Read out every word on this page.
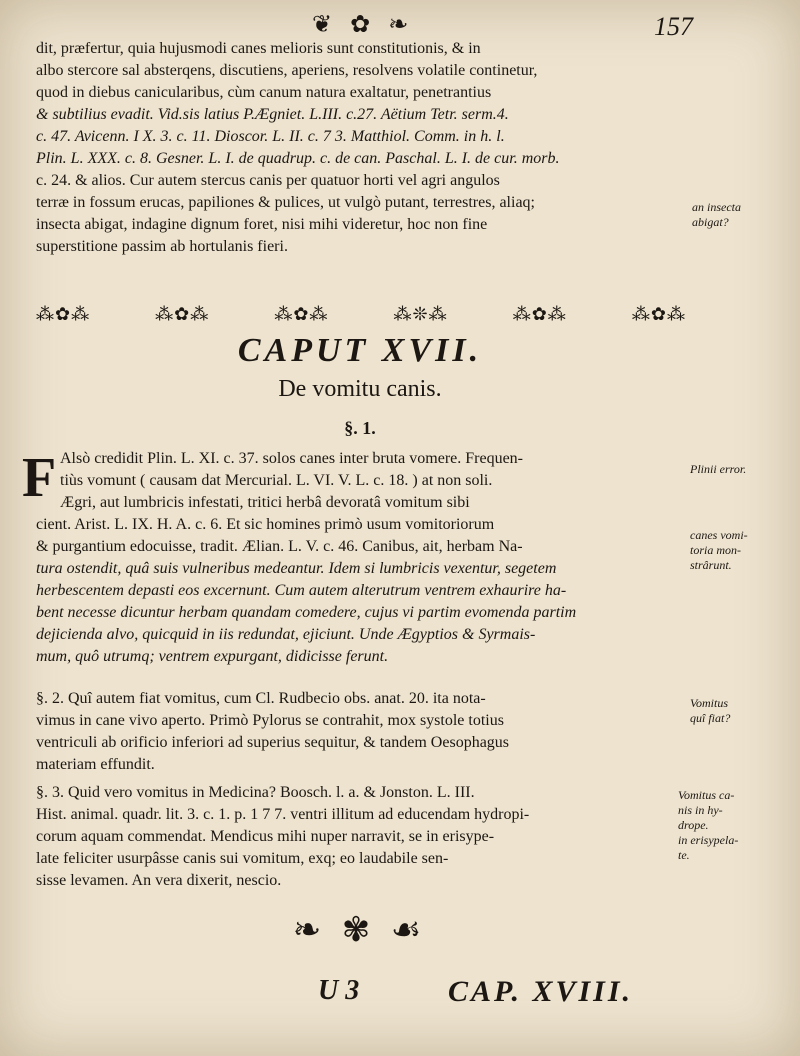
❦ ✿ ❧	157
dit, præfertur, quia hujusmodi canes melioris sunt constitutionis, & in
albo stercore sal absterqens, discutiens, aperiens, resolvens volatile continetur,
quod in diebus canicularibus, cùm canum natura exaltatur, penetrantius
& subtilius evadit. Vid.sis latius P.Ægniet. L.III. c.27. Aëtium Tetr. serm.4.
c. 47. Avicenn. I X. 3. c. 11. Dioscor. L. II. c. 7 3. Matthiol. Comm. in h. l.
Plin. L. XXX. c. 8. Gesner. L. I. de quadrup. c. de can. Paschal. L. I. de cur. morb.
c. 24. & alios. Cur autem stercus canis per quatuor horti vel agri angulos
terræ in fossum erucas, papiliones & pulices, ut vulgò putant, terrestres, aliaq;
insecta abigat, indagine dignum foret, nisi mihi videretur, hoc non fine
superstitione passim ab hortulanis fieri.
an insecta
abigat?
⁂✿⁂	⁂✿⁂	⁂✿⁂	⁂❊⁂	⁂✿⁂	⁂✿⁂
CAPUT XVII.
De vomitu canis.
§. 1.
F Alsò credidit Plin. L. XI. c. 37. solos canes inter bruta vomere. Frequen-
tiùs vomunt ( causam dat Mercurial. L. VI. V. L. c. 18. ) at non soli.
Ægri, aut lumbricis infestati, tritici herbâ devoratâ vomitum sibi
cient. Arist. L. IX. H. A. c. 6. Et sic homines primò usum vomitoriorum
& purgantium edocuisse, tradit. Ælian. L. V. c. 46. Canibus, ait, herbam Na-
tura ostendit, quâ suis vulneribus medeantur. Idem si lumbricis vexentur, segetem
herbescentem depasti eos excernunt. Cum autem alterutrum ventrem exhaurire ha-
bent necesse dicuntur herbam quandam comedere, cujus vi partim evomenda partim
dejicienda alvo, quicquid in iis redundat, ejiciunt. Unde Ægyptios & Syrmais-
mum, quô utrumq; ventrem expurgant, didicisse ferunt.
Plinii error.
canes vomi-
toria mon-
strârunt.
§. 2. Quî autem fiat vomitus, cum Cl. Rudbecio obs. anat. 20. ita nota-
vimus in cane vivo aperto. Primò Pylorus se contrahit, mox systole totius
ventriculi ab orificio inferiori ad superius sequitur, & tandem Oesophagus
materiam effundit.
Vomitus
quî fiat?
§. 3. Quid vero vomitus in Medicina? Boosch. l. a. & Jonston. L. III.
Hist. animal. quadr. lit. 3. c. 1. p. 1 7 7. ventri illitum ad educendam hydropi-
corum aquam commendat. Mendicus mihi nuper narravit, se in erisype-
late feliciter usurpâsse canis sui vomitum, exq; eo laudabile sen-
sisse levamen. An vera dixerit, nescio.
Vomitus ca-
nis in hy-
drope.
in erisypela-
te.
❧ ✾ ☙
U 3	CAP. XVIII.
